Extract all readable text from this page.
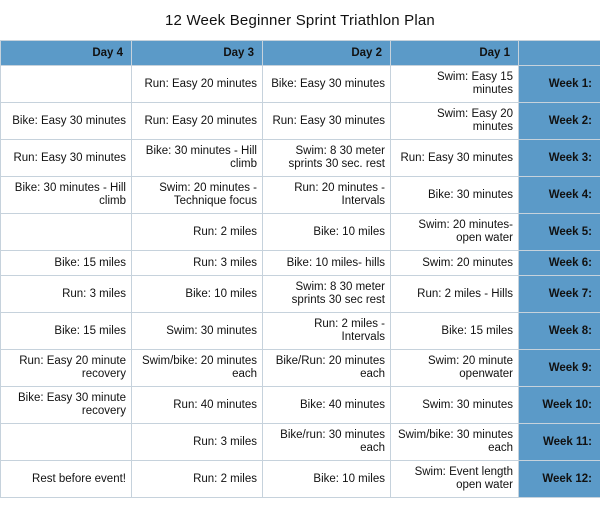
12 Week Beginner Sprint Triathlon Plan
Day 4	Day 3	Day 2	Day 1	
	Run: Easy 20 minutes	Bike: Easy 30 minutes	Swim: Easy 15 minutes	Week 1:
Bike: Easy 30 minutes	Run: Easy 20 minutes	Run: Easy 30 minutes	Swim: Easy 20 minutes	Week 2:
Run: Easy 30 minutes	Bike: 30 minutes - Hill climb	Swim: 8 30 meter sprints 30 sec. rest	Run: Easy 30 minutes	Week 3:
Bike: 30 minutes - Hill climb	Swim: 20 minutes - Technique focus	Run: 20 minutes - Intervals	Bike: 30 minutes	Week 4:
	Run: 2 miles	Bike: 10 miles	Swim: 20 minutes- open water	Week 5:
Bike: 15 miles	Run: 3 miles	Bike: 10 miles- hills	Swim: 20 minutes	Week 6:
Run: 3 miles	Bike: 10 miles	Swim: 8 30 meter sprints 30 sec rest	Run: 2 miles - Hills	Week 7:
Bike: 15 miles	Swim: 30 minutes	Run: 2 miles - Intervals	Bike: 15 miles	Week 8:
Run: Easy 20 minute recovery	Swim/bike: 20 minutes each	Bike/Run: 20 minutes each	Swim: 20 minute openwater	Week 9:
Bike: Easy 30 minute recovery	Run: 40 minutes	Bike: 40 minutes	Swim: 30 minutes	Week 10:
	Run: 3 miles	Bike/run: 30 minutes each	Swim/bike: 30 minutes each	Week 11:
Rest before event!	Run: 2 miles	Bike: 10 miles	Swim: Event length open water	Week 12:
